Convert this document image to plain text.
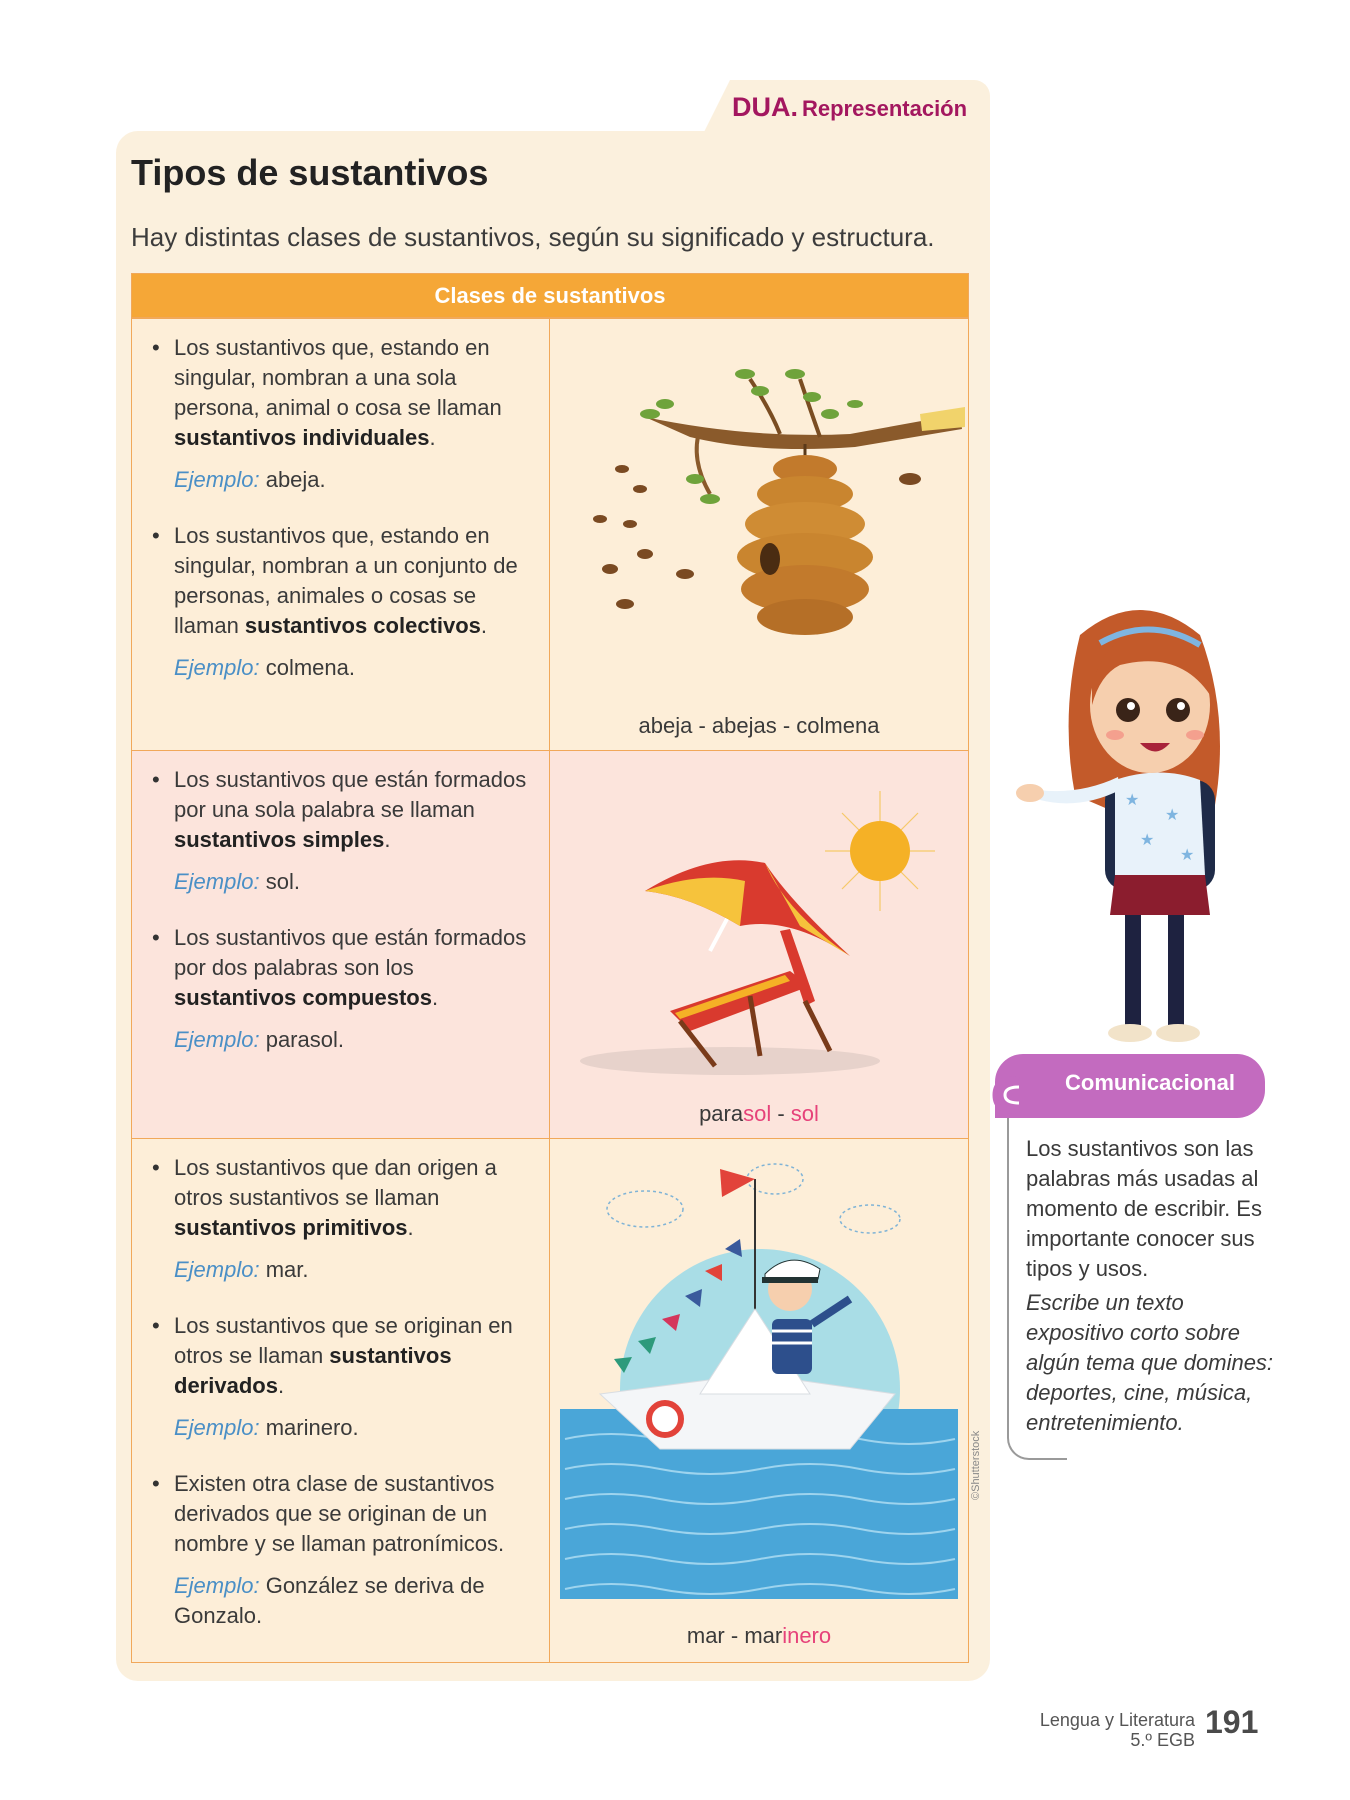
DUA. Representación
Tipos de sustantivos
Hay distintas clases de sustantivos, según su significado y estructura.
Clases de sustantivos
• Los sustantivos que, estando en singular, nombran a una sola persona, animal o cosa se llaman sustantivos individuales.
Ejemplo: abeja.
• Los sustantivos que, estando en singular, nombran a un conjunto de personas, animales o cosas se llaman sustantivos colectivos.
Ejemplo: colmena.
abeja - abejas - colmena
• Los sustantivos que están formados por una sola palabra se llaman sustantivos simples.
Ejemplo: sol.
• Los sustantivos que están formados por dos palabras son los sustantivos compuestos.
Ejemplo: parasol.
parasol - sol
• Los sustantivos que dan origen a otros sustantivos se llaman sustantivos primitivos.
Ejemplo: mar.
• Los sustantivos que se originan en otros se llaman sustantivos derivados.
Ejemplo: marinero.
• Existen otra clase de sustantivos derivados que se originan de un nombre y se llaman patronímicos.
Ejemplo: González se deriva de Gonzalo.
mar - marinero
©Shutterstock
★
★
★
★
Comunicacional
Los sustantivos son las palabras más usadas al momento de escribir. Es importante conocer sus tipos y usos.
Escribe un texto expositivo corto sobre algún tema que domines: deportes, cine, música, entretenimiento.
Lengua y Literatura
5.º EGB 191
